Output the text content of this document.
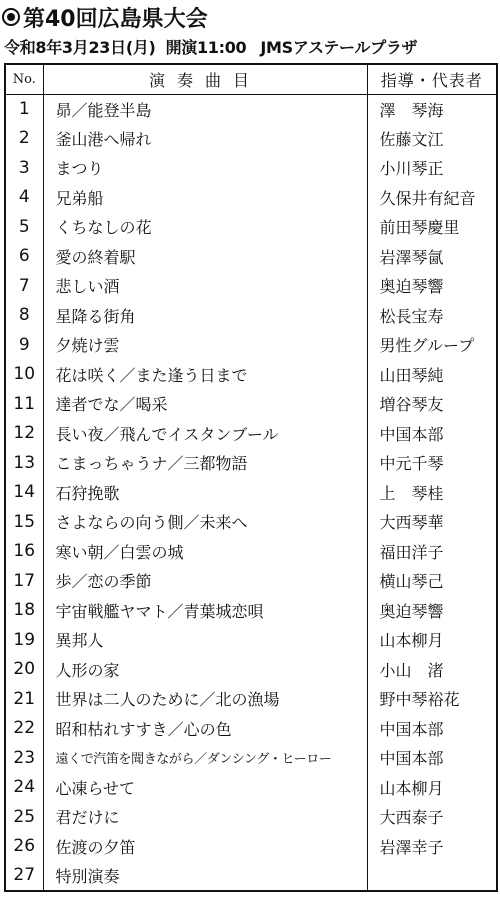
第40回広島県大会
令和8年3月23日(月) 開演11:00 JMSアステールプラザ
No.	演奏曲目	指導・代表者
1	昴／能登半島	澤　琴海
2	釜山港へ帰れ	佐藤文江
3	まつり	小川琴正
4	兄弟船	久保井有紀音
5	くちなしの花	前田琴慶里
6	愛の終着駅	岩澤琴氤
7	悲しい酒	奥迫琴響
8	星降る街角	松長宝寿
9	夕焼け雲	男性グループ
10	花は咲く／また逢う日まで	山田琴純
11	達者でな／喝采	増谷琴友
12	長い夜／飛んでイスタンブール	中国本部
13	こまっちゃうナ／三都物語	中元千琴
14	石狩挽歌	上　琴桂
15	さよならの向う側／未来へ	大西琴華
16	寒い朝／白雲の城	福田洋子
17	歩／恋の季節	横山琴己
18	宇宙戦艦ヤマト／青葉城恋唄	奥迫琴響
19	異邦人	山本柳月
20	人形の家	小山　渚
21	世界は二人のために／北の漁場	野中琴裕花
22	昭和枯れすすき／心の色	中国本部
23	遠くで汽笛を聞きながら／ダンシング・ヒーロー	中国本部
24	心凍らせて	山本柳月
25	君だけに	大西泰子
26	佐渡の夕笛	岩澤幸子
27	特別演奏	
